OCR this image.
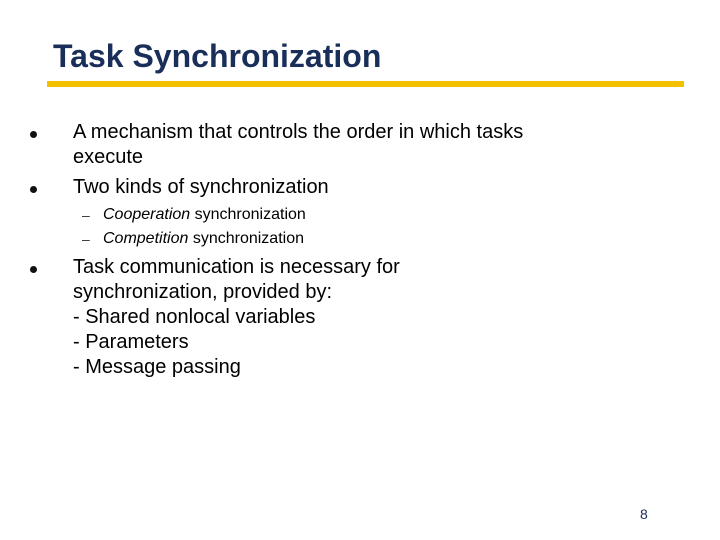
Task Synchronization
A mechanism that controls the order in which tasks
execute
Two kinds of synchronization
– Cooperation synchronization
– Competition synchronization
Task communication is necessary for
synchronization, provided by:
- Shared nonlocal variables
- Parameters
- Message passing
8
